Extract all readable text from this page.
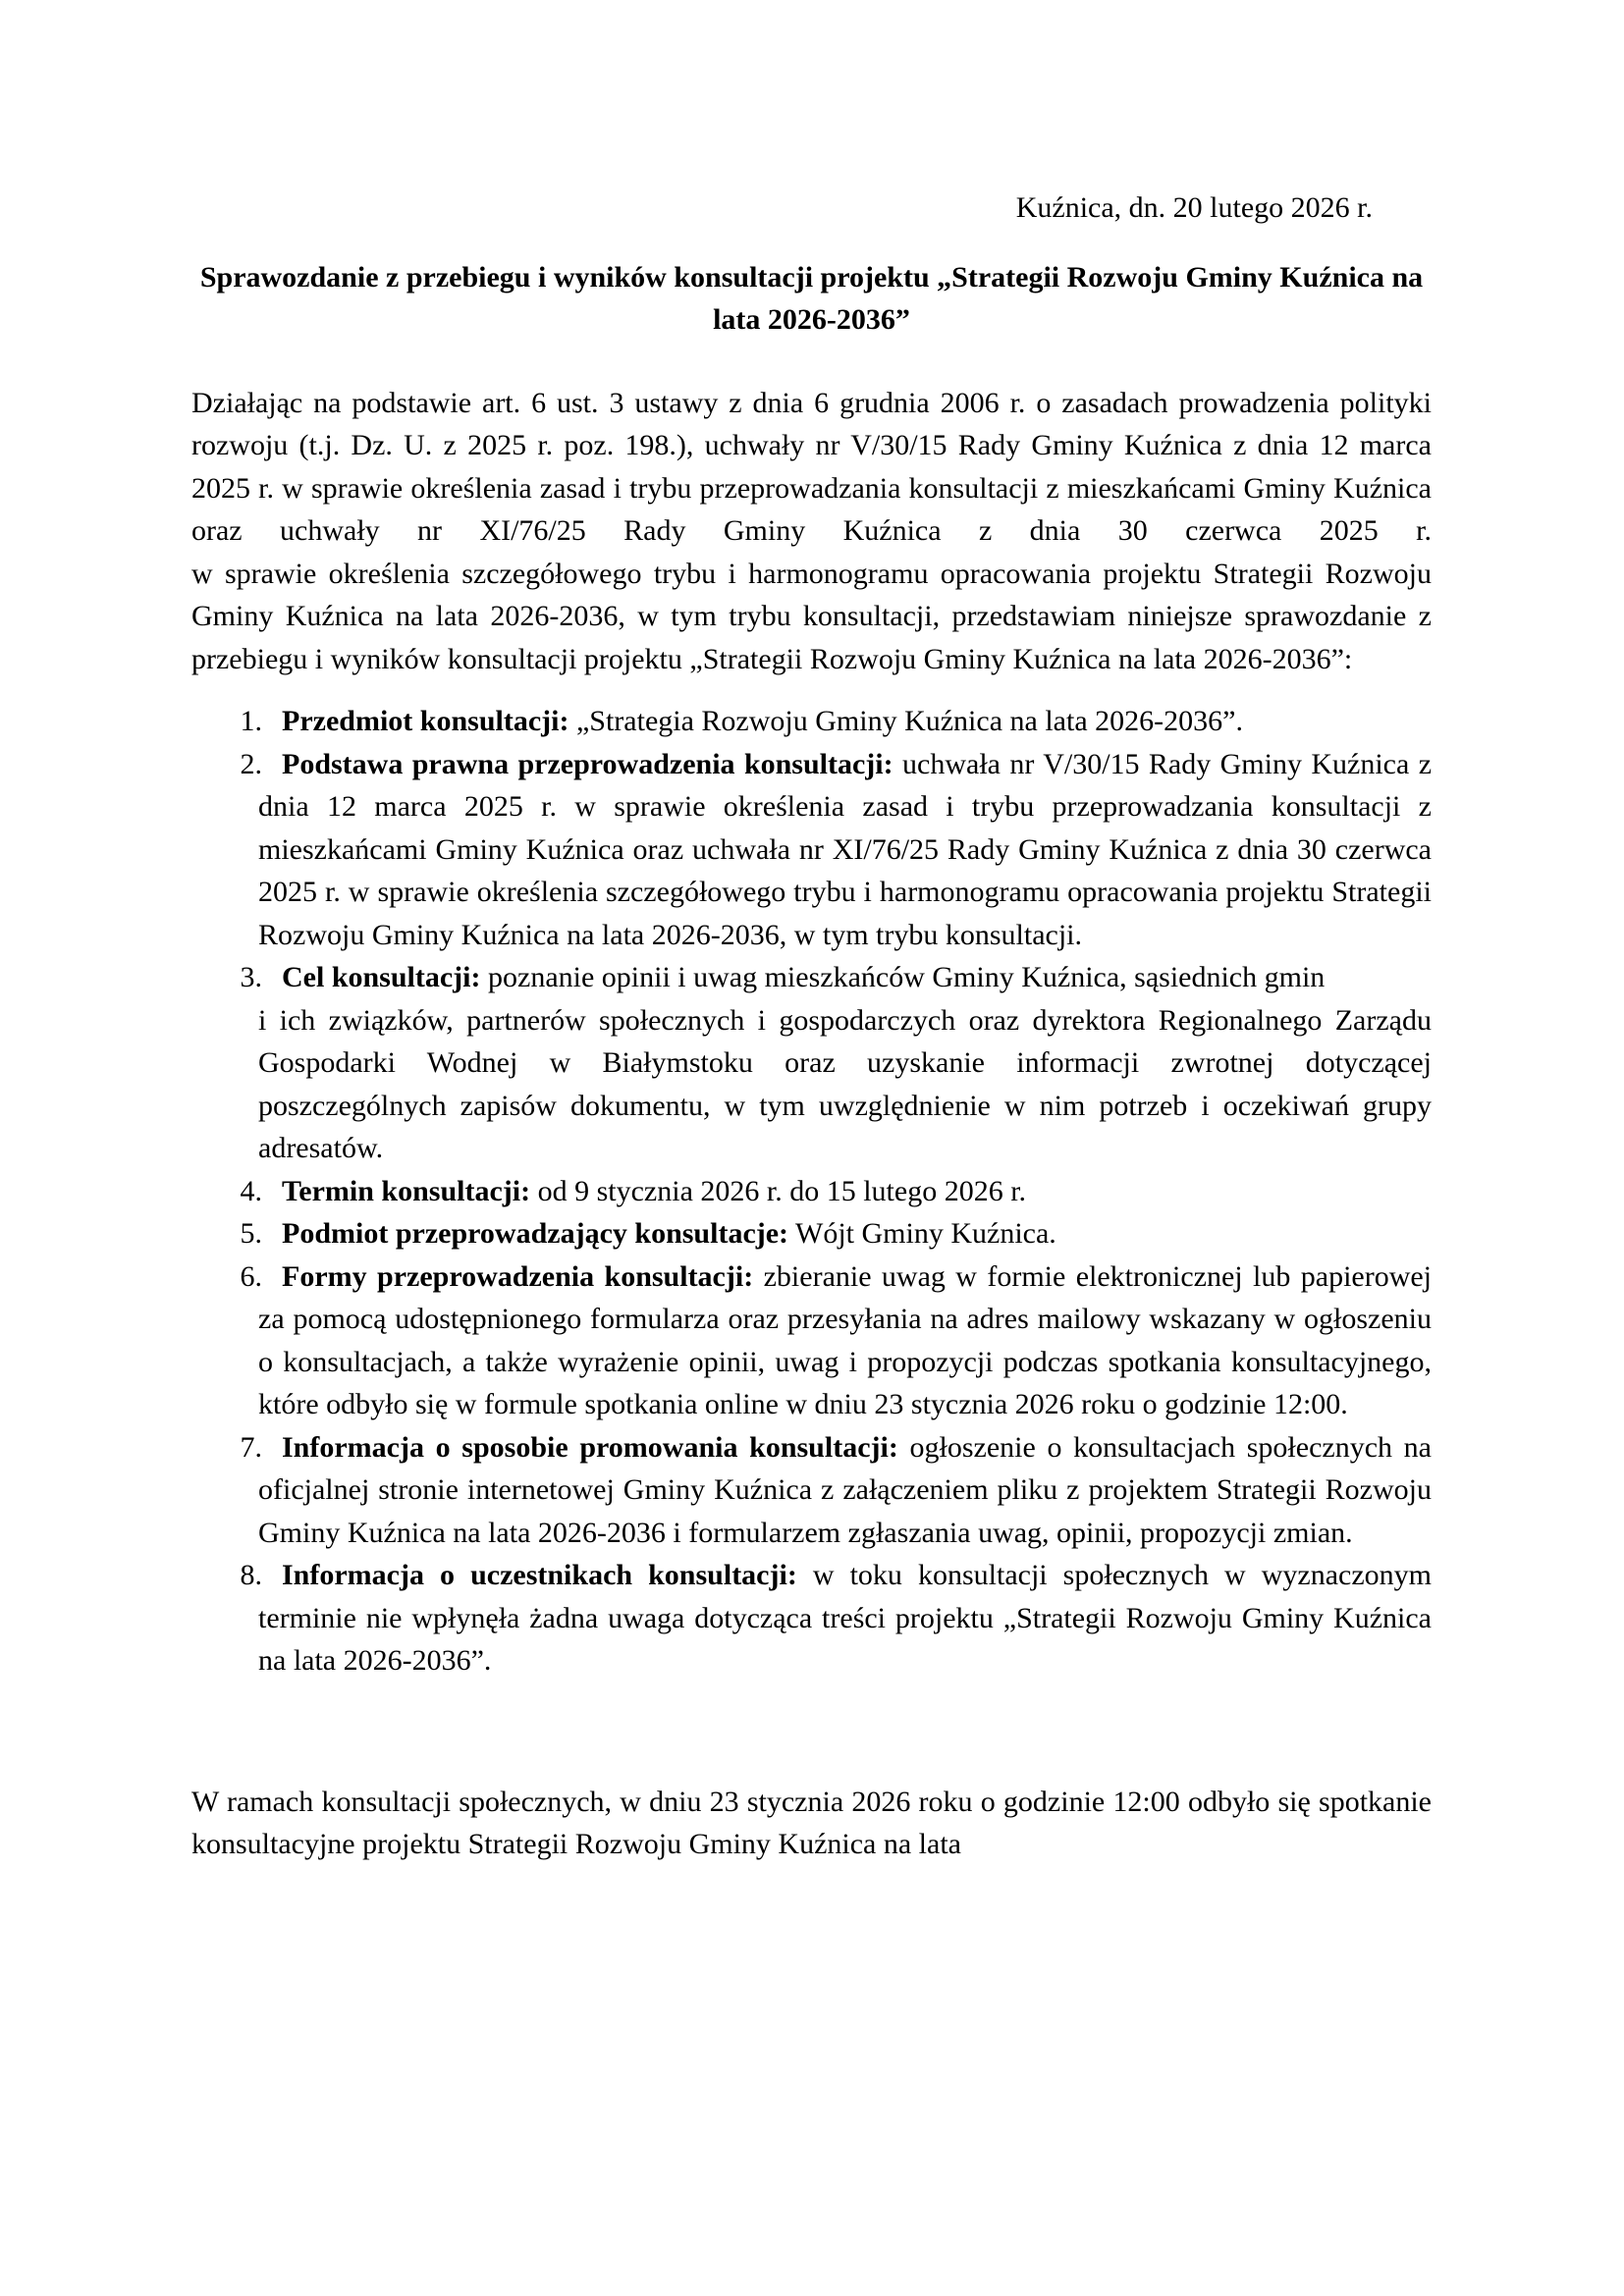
Kuźnica, dn. 20 lutego 2026 r.
Sprawozdanie z przebiegu i wyników konsultacji projektu „Strategii Rozwoju Gminy Kuźnica na lata 2026-2036”

Działając na podstawie art. 6 ust. 3 ustawy z dnia 6 grudnia 2006 r. o zasadach prowadzenia polityki rozwoju (t.j. Dz. U. z 2025 r. poz. 198.), uchwały nr V/30/15 Rady Gminy Kuźnica z dnia 12 marca 2025 r. w sprawie określenia zasad i trybu przeprowadzania konsultacji z mieszkańcami Gminy Kuźnica oraz uchwały nr XI/76/25 Rady Gminy Kuźnica z dnia 30 czerwca 2025 r.

w sprawie określenia szczegółowego trybu i harmonogramu opracowania projektu Strategii Rozwoju Gminy Kuźnica na lata 2026-2036, w tym trybu konsultacji, przedstawiam niniejsze sprawozdanie z przebiegu i wyników konsultacji projektu „Strategii Rozwoju Gminy Kuźnica na lata 2026-2036”:

1. Przedmiot konsultacji: „Strategia Rozwoju Gminy Kuźnica na lata 2026-2036”.
2. Podstawa prawna przeprowadzenia konsultacji: uchwała nr V/30/15 Rady Gminy Kuźnica z dnia 12 marca 2025 r. w sprawie określenia zasad i trybu przeprowadzania konsultacji z mieszkańcami Gminy Kuźnica oraz uchwała nr XI/76/25 Rady Gminy Kuźnica z dnia 30 czerwca 2025 r. w sprawie określenia szczegółowego trybu i harmonogramu opracowania projektu Strategii Rozwoju Gminy Kuźnica na lata 2026-2036, w tym trybu konsultacji.
3. Cel konsultacji: poznanie opinii i uwag mieszkańców Gminy Kuźnica, sąsiednich gmin
i ich związków, partnerów społecznych i gospodarczych oraz dyrektora Regionalnego Zarządu Gospodarki Wodnej w Białymstoku oraz uzyskanie informacji zwrotnej dotyczącej poszczególnych zapisów dokumentu, w tym uwzględnienie w nim potrzeb i oczekiwań grupy adresatów.
4. Termin konsultacji: od 9 stycznia 2026 r. do 15 lutego 2026 r.
5. Podmiot przeprowadzający konsultacje: Wójt Gminy Kuźnica.
6. Formy przeprowadzenia konsultacji: zbieranie uwag w formie elektronicznej lub papierowej za pomocą udostępnionego formularza oraz przesyłania na adres mailowy wskazany w ogłoszeniu o konsultacjach, a także wyrażenie opinii, uwag i propozycji podczas spotkania konsultacyjnego, które odbyło się w formule spotkania online w dniu 23 stycznia 2026 roku o godzinie 12:00.
7. Informacja o sposobie promowania konsultacji: ogłoszenie o konsultacjach społecznych na oficjalnej stronie internetowej Gminy Kuźnica z załączeniem pliku z projektem Strategii Rozwoju Gminy Kuźnica na lata 2026-2036 i formularzem zgłaszania uwag, opinii, propozycji zmian.
8. Informacja o uczestnikach konsultacji: w toku konsultacji społecznych w wyznaczonym terminie nie wpłynęła żadna uwaga dotycząca treści projektu „Strategii Rozwoju Gminy Kuźnica na lata 2026-2036”.

W ramach konsultacji społecznych, w dniu 23 stycznia 2026 roku o godzinie 12:00 odbyło się spotkanie konsultacyjne projektu Strategii Rozwoju Gminy Kuźnica na lata
